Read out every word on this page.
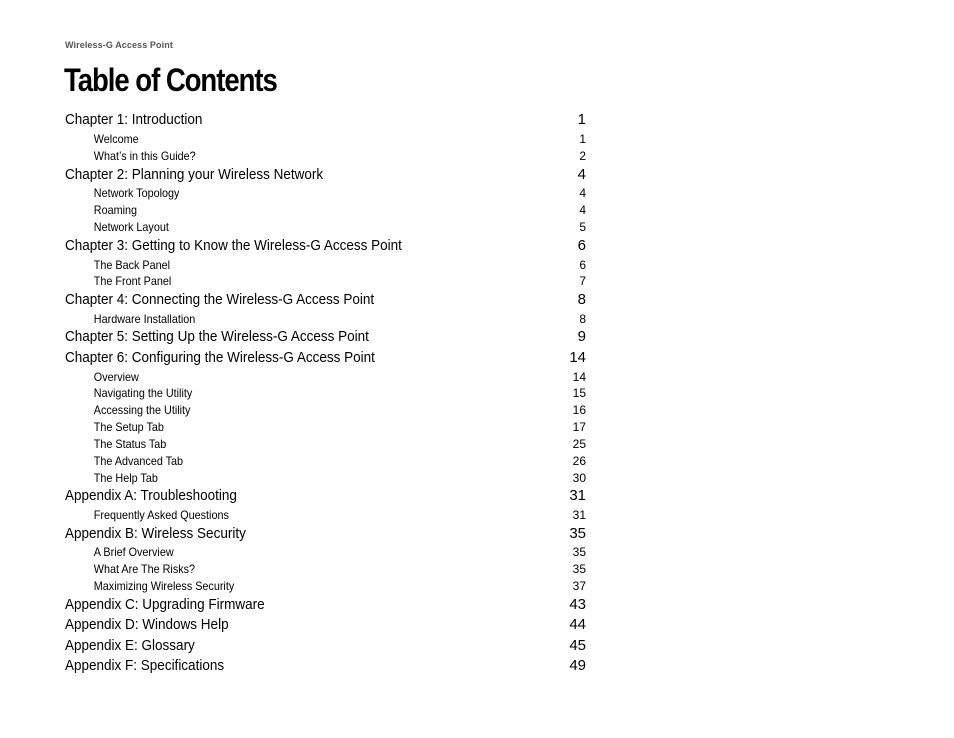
Wireless-G Access Point
Table of Contents
Chapter 1: Introduction	1
Welcome	1
What’s in this Guide?	2
Chapter 2: Planning your Wireless Network	4
Network Topology	4
Roaming	4
Network Layout	5
Chapter 3: Getting to Know the Wireless-G Access Point	6
The Back Panel	6
The Front Panel	7
Chapter 4: Connecting the Wireless-G Access Point	8
Hardware Installation	8
Chapter 5: Setting Up the Wireless-G Access Point	9
Chapter 6: Configuring the Wireless-G Access Point	14
Overview	14
Navigating the Utility	15
Accessing the Utility	16
The Setup Tab	17
The Status Tab	25
The Advanced Tab	26
The Help Tab	30
Appendix A: Troubleshooting	31
Frequently Asked Questions	31
Appendix B: Wireless Security	35
A Brief Overview	35
What Are The Risks?	35
Maximizing Wireless Security	37
Appendix C: Upgrading Firmware	43
Appendix D: Windows Help	44
Appendix E: Glossary	45
Appendix F: Specifications	49
